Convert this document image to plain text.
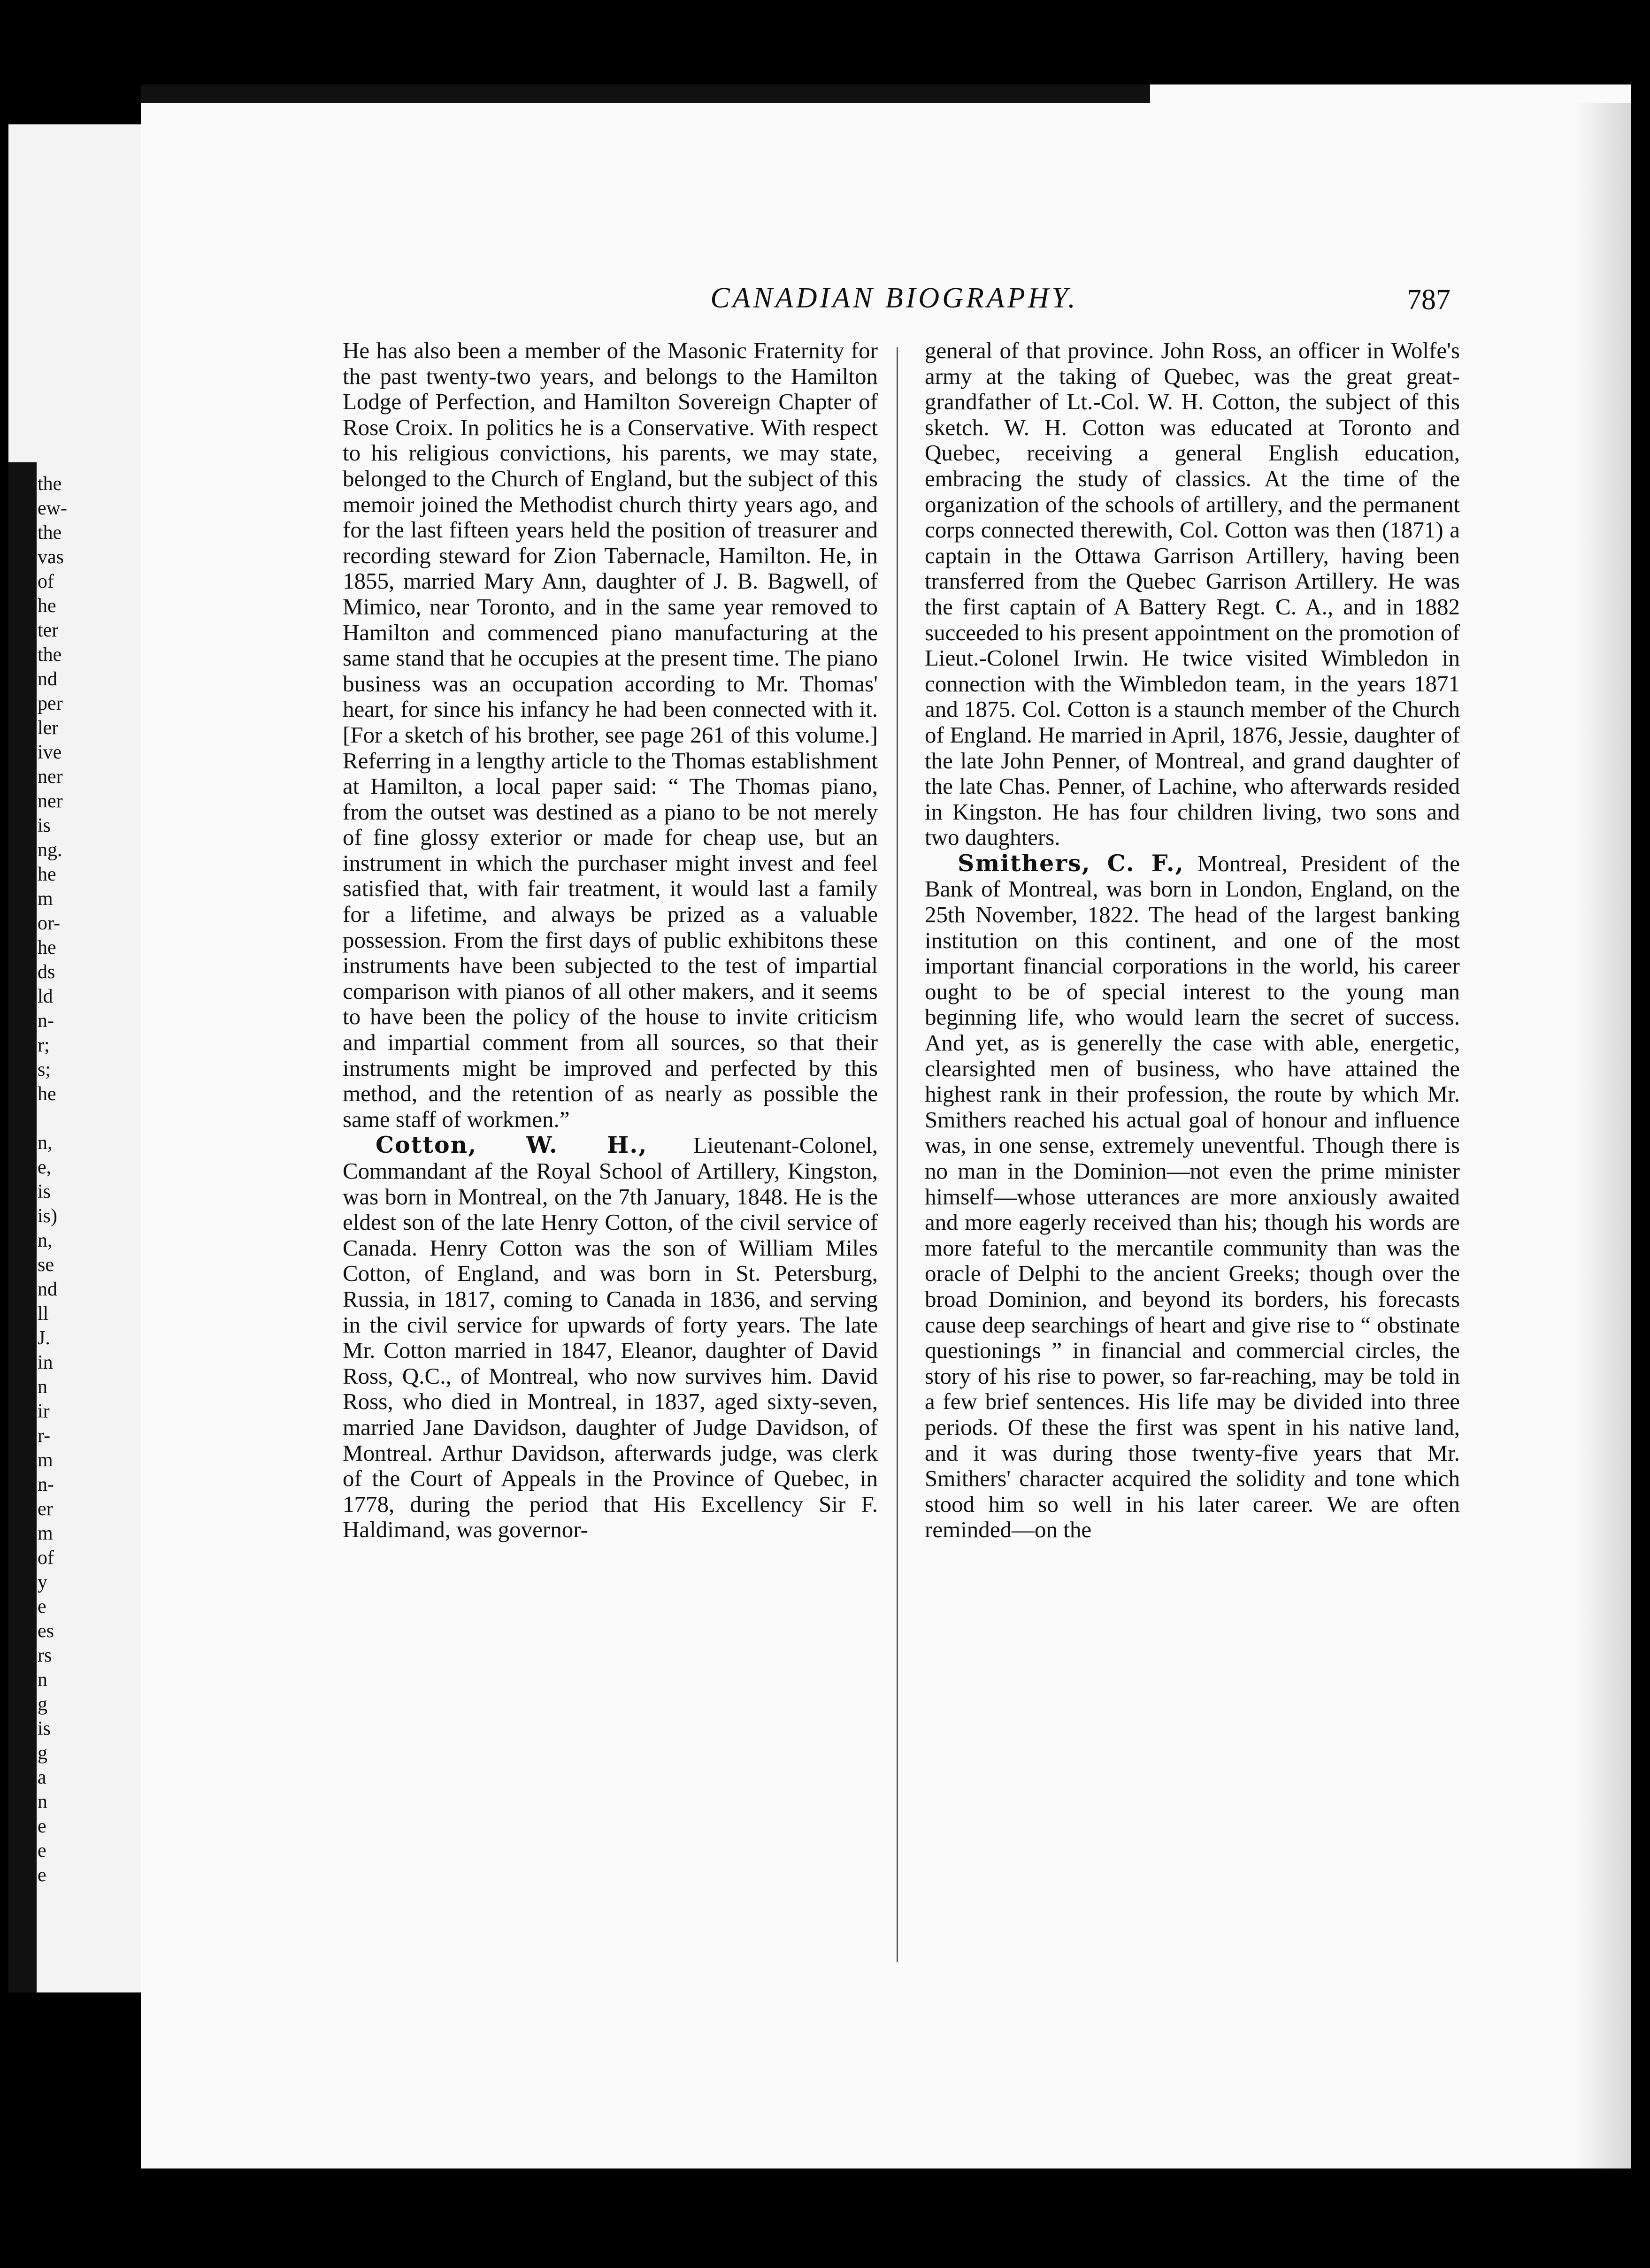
the
ew-
the
vas
of
he
ter
the
nd
per
ler
ive
ner
ner
is
ng.
he
m
or-
he
ds
ld
n-
r;
s;
he
n,
e,
is
is)
n,
se
nd
ll
J.
in
n
ir
r-
m
n-
er
m
of
y
e
es
rs
n
g
is
g
a
n
e
e
e
CANADIAN BIOGRAPHY.	787

He has also been a member of the Masonic Fraternity for the past twenty-two years, and belongs to the Hamilton Lodge of Perfection, and Hamilton Sovereign Chapter of Rose Croix. In politics he is a Conservative. With respect to his religious convictions, his parents, we may state, belonged to the Church of England, but the subject of this memoir joined the Methodist church thirty years ago, and for the last fifteen years held the position of treasurer and recording steward for Zion Tabernacle, Hamilton. He, in 1855, married Mary Ann, daughter of J. B. Bagwell, of Mimico, near Toronto, and in the same year removed to Hamilton and commenced piano manufacturing at the same stand that he occupies at the present time. The piano business was an occupation according to Mr. Thomas' heart, for since his infancy he had been connected with it. [For a sketch of his brother, see page 261 of this volume.] Referring in a lengthy article to the Thomas establishment at Hamilton, a local paper said: “ The Thomas piano, from the outset was destined as a piano to be not merely of fine glossy exterior or made for cheap use, but an instrument in which the purchaser might invest and feel satisfied that, with fair treatment, it would last a family for a lifetime, and always be prized as a valuable possession. From the first days of public exhibitons these instruments have been subjected to the test of impartial comparison with pianos of all other makers, and it seems to have been the policy of the house to invite criticism and impartial comment from all sources, so that their instruments might be improved and perfected by this method, and the retention of as nearly as possible the same staff of workmen.”

Cotton, W. H., Lieutenant-Colonel, Commandant af the Royal School of Artillery, Kingston, was born in Montreal, on the 7th January, 1848. He is the eldest son of the late Henry Cotton, of the civil service of Canada. Henry Cotton was the son of William Miles Cotton, of England, and was born in St. Petersburg, Russia, in 1817, coming to Canada in 1836, and serving in the civil service for upwards of forty years. The late Mr. Cotton married in 1847, Eleanor, daughter of David Ross, Q.C., of Montreal, who now survives him. David Ross, who died in Montreal, in 1837, aged sixty-seven, married Jane Davidson, daughter of Judge Davidson, of Montreal. Arthur Davidson, afterwards judge, was clerk of the Court of Appeals in the Province of Quebec, in 1778, during the period that His Excellency Sir F. Haldimand, was governor-

general of that province. John Ross, an officer in Wolfe's army at the taking of Quebec, was the great great-grandfather of Lt.-Col. W. H. Cotton, the subject of this sketch. W. H. Cotton was educated at Toronto and Quebec, receiving a general English education, embracing the study of classics. At the time of the organization of the schools of artillery, and the permanent corps connected therewith, Col. Cotton was then (1871) a captain in the Ottawa Garrison Artillery, having been transferred from the Quebec Garrison Artillery. He was the first captain of A Battery Regt. C. A., and in 1882 succeeded to his present appointment on the promotion of Lieut.-Colonel Irwin. He twice visited Wimbledon in connection with the Wimbledon team, in the years 1871 and 1875. Col. Cotton is a staunch member of the Church of England. He married in April, 1876, Jessie, daughter of the late John Penner, of Montreal, and grand daughter of the late Chas. Penner, of Lachine, who afterwards resided in Kingston. He has four children living, two sons and two daughters.

Smithers, C. F., Montreal, President of the Bank of Montreal, was born in London, England, on the 25th November, 1822. The head of the largest banking institution on this continent, and one of the most important financial corporations in the world, his career ought to be of special interest to the young man beginning life, who would learn the secret of success. And yet, as is generelly the case with able, energetic, clearsighted men of business, who have attained the highest rank in their profession, the route by which Mr. Smithers reached his actual goal of honour and influence was, in one sense, extremely uneventful. Though there is no man in the Dominion—not even the prime minister himself—whose utterances are more anxiously awaited and more eagerly received than his; though his words are more fateful to the mercantile community than was the oracle of Delphi to the ancient Greeks; though over the broad Dominion, and beyond its borders, his forecasts cause deep searchings of heart and give rise to “ obstinate questionings ” in financial and commercial circles, the story of his rise to power, so far-reaching, may be told in a few brief sentences. His life may be divided into three periods. Of these the first was spent in his native land, and it was during those twenty-five years that Mr. Smithers' character acquired the solidity and tone which stood him so well in his later career. We are often reminded—on the
